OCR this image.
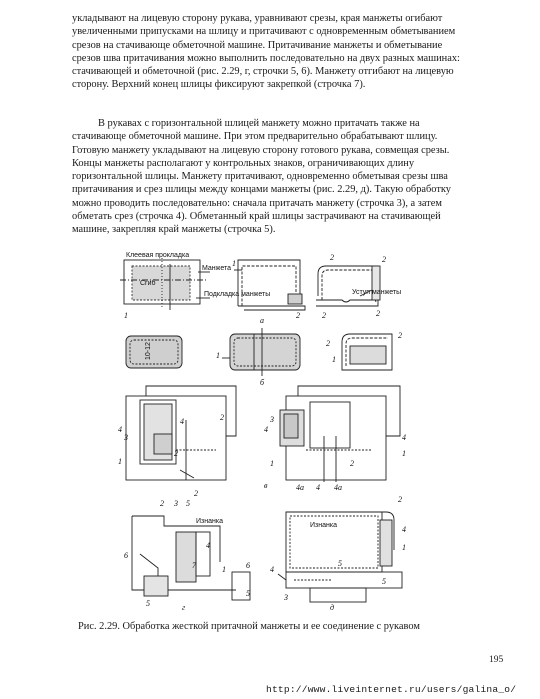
укладывают на лицевую сторону рукава, уравнивают срезы, края манжеты огибают
увеличенными припусками на шлицу и притачивают с одновременным обметыванием
срезов на стачивающе обметочной машине. Притачивание манжеты и обметывание
срезов шва притачивания можно выполнить последовательно на двух разных машинах:
стачивающей и обметочной (рис. 2.29, г, строчки 5, 6). Манжету отгибают на лицевую
сторону. Верхний конец шлицы фиксируют закрепкой (строчка 7).

В рукавах с горизонтальной шлицей манжету можно притачать также на
стачивающе обметочной машине. При этом предварительно обрабатывают шлицу.
Готовую манжету укладывают на лицевую сторону готового рукава, совмещая срезы.
Концы манжеты располагают у контрольных знаков, ограничивающих длину
горизонтальной шлицы. Манжету притачивают, одновременно обметывая срезы шва
притачивания и срез шлицы между концами манжеты (рис. 2.29, д). Такую обработку
можно проводить последовательно: сначала притачать манжету (строчка 3), а затем
обметать срез (строчка 4). Обметанный край шлицы застрачивают на стачивающей
машине, закрепляя край манжеты (строчка 5).

Клеевая прокладка
Манжета
Сгиб
Подкладка манжеты	Уступ манжеты
Изнанка
Изнанка
10-12
а
б
в
г	д
1
1
2
2
2
2	2
1
2
1
2
4
3
1
4
2
2
2
4
3
1
4а 4 4а
2
4
1
2 3 5
4
7	1
6
5
6
5
2
4
1
4
5
5
3
Рис. 2.29. Обработка жесткой притачной манжеты и ее соединение с рукавом
195
http://www.liveinternet.ru/users/galina_o/
